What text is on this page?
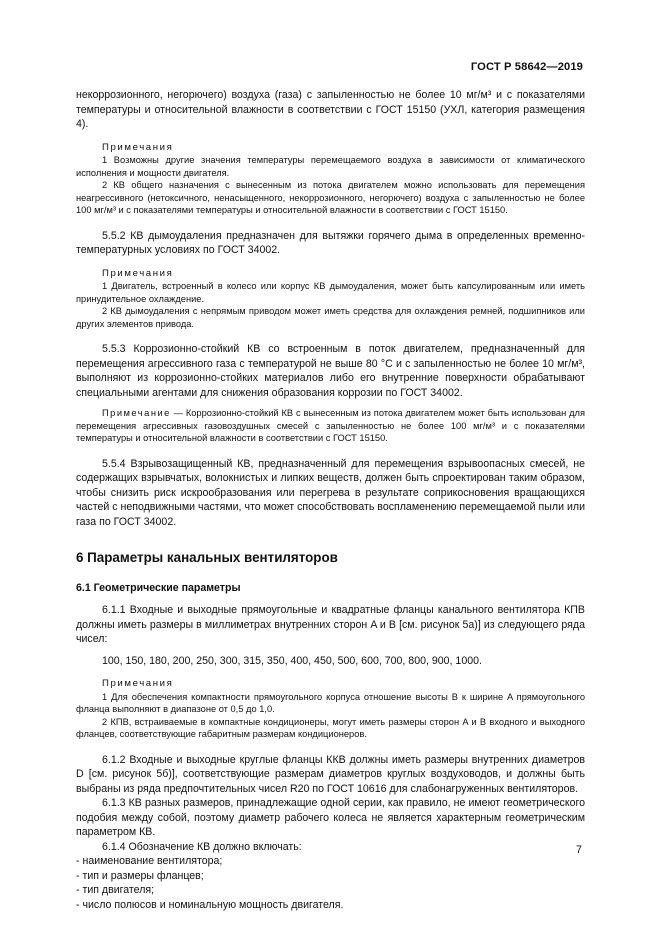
ГОСТ Р 58642—2019

некоррозионного, негорючего) воздуха (газа) с запыленностью не более 10 мг/м³ и с показателями температуры и относительной влажности в соответствии с ГОСТ 15150 (УХЛ, категория размещения 4).

Примечания

1 Возможны другие значения температуры перемещаемого воздуха в зависимости от климатического исполнения и мощности двигателя.

2 КВ общего назначения с вынесенным из потока двигателем можно использовать для перемещения неагрессивного (нетоксичного, ненасыщенного, некоррозионного, негорючего) воздуха с запыленностью не более 100 мг/м³ и с показателями температуры и относительной влажности в соответствии с ГОСТ 15150.

5.5.2 КВ дымоудаления предназначен для вытяжки горячего дыма в определенных временно-температурных условиях по ГОСТ 34002.

Примечания

1 Двигатель, встроенный в колесо или корпус КВ дымоудаления, может быть капсулированным или иметь принудительное охлаждение.

2 КВ дымоудаления с непрямым приводом может иметь средства для охлаждения ремней, подшипников или других элементов привода.

5.5.3 Коррозионно-стойкий КВ со встроенным в поток двигателем, предназначенный для перемещения агрессивного газа с температурой не выше 80 °С и с запыленностью не более 10 мг/м³, выполняют из коррозионно-стойких материалов либо его внутренние поверхности обрабатывают специальными агентами для снижения образования коррозии по ГОСТ 34002.

Примечание — Коррозионно-стойкий КВ с вынесенным из потока двигателем может быть использован для перемещения агрессивных газовоздушных смесей с запыленностью не более 100 мг/м³ и с показателями температуры и относительной влажности в соответствии с ГОСТ 15150.

5.5.4 Взрывозащищенный КВ, предназначенный для перемещения взрывоопасных смесей, не содержащих взрывчатых, волокнистых и липких веществ, должен быть спроектирован таким образом, чтобы снизить риск искрообразования или перегрева в результате соприкосновения вращающихся частей с неподвижными частями, что может способствовать воспламенению перемещаемой пыли или газа по ГОСТ 34002.

6 Параметры канальных вентиляторов

6.1 Геометрические параметры

6.1.1 Входные и выходные прямоугольные и квадратные фланцы канального вентилятора КПВ должны иметь размеры в миллиметрах внутренних сторон A и B [см. рисунок 5а)] из следующего ряда чисел:

100, 150, 180, 200, 250, 300, 315, 350, 400, 450, 500, 600, 700, 800, 900, 1000.

Примечания

1 Для обеспечения компактности прямоугольного корпуса отношение высоты B к ширине A прямоугольного фланца выполняют в диапазоне от 0,5 до 1,0.

2 КПВ, встраиваемые в компактные кондиционеры, могут иметь размеры сторон A и B входного и выходного фланцев, соответствующие габаритным размерам кондиционеров.

6.1.2 Входные и выходные круглые фланцы ККВ должны иметь размеры внутренних диаметров D [см. рисунок 5б)], соответствующие размерам диаметров круглых воздуховодов, и должны быть выбраны из ряда предпочтительных чисел R20 по ГОСТ 10616 для слабонагруженных вентиляторов.

6.1.3 КВ разных размеров, принадлежащие одной серии, как правило, не имеют геометрического подобия между собой, поэтому диаметр рабочего колеса не является характерным геометрическим параметром КВ.

6.1.4 Обозначение КВ должно включать:

- наименование вентилятора;

- тип и размеры фланцев;

- тип двигателя;

- число полюсов и номинальную мощность двигателя.

7
